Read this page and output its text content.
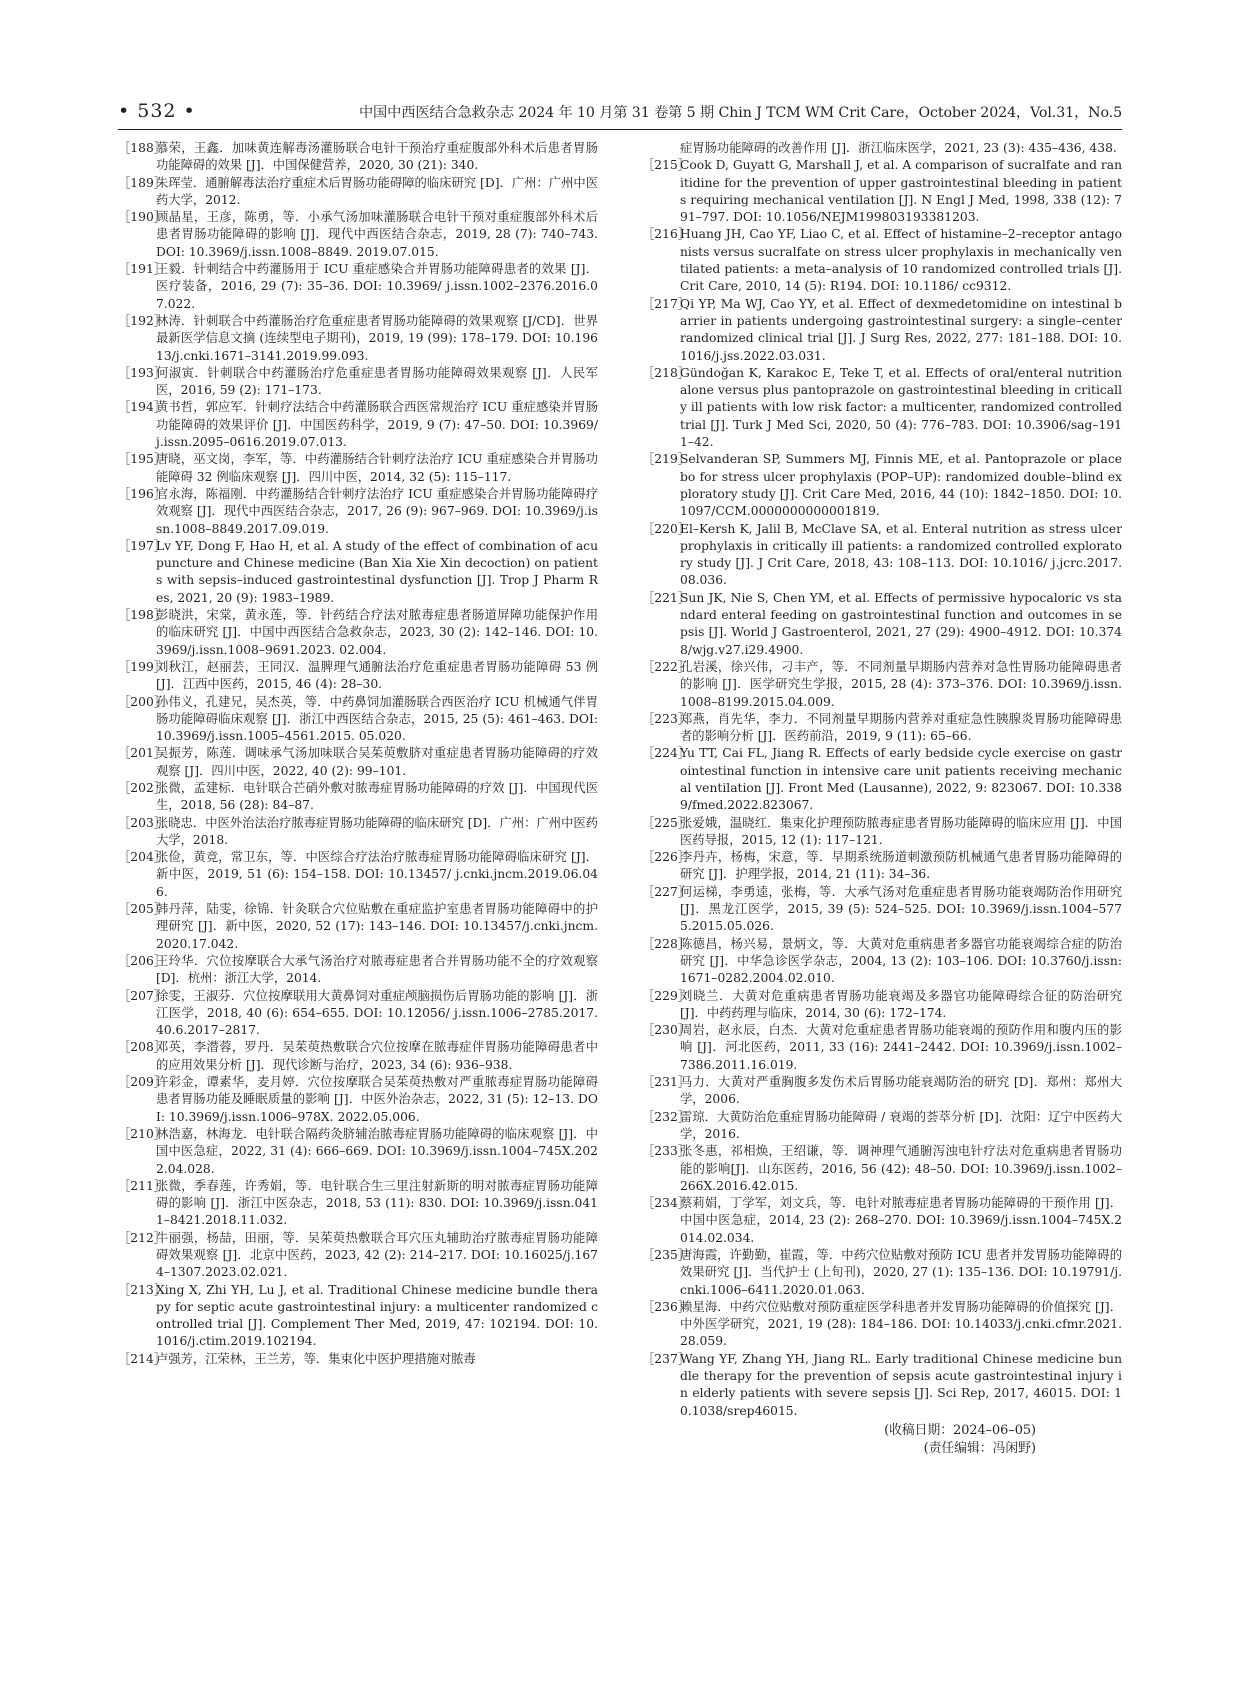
• 532 •	中国中西医结合急救杂志 2024 年 10 月第 31 卷第 5 期 Chin J TCM WM Crit Care，October 2024，Vol.31，No.5
［188］
慕荣，王鑫．加味黄连解毒汤灌肠联合电针干预治疗重症腹部外科术后患者胃肠功能障碍的效果 [J]．中国保健营养，2020, 30 (21): 340.
［189］
朱珲莹．通腑解毒法治疗重症术后胃肠功能碍障的临床研究 [D]．广州：广州中医药大学，2012.
［190］
顾晶星，王彦，陈勇，等．小承气汤加味灌肠联合电针干预对重症腹部外科术后患者胃肠功能障碍的影响 [J]．现代中西医结合杂志，2019, 28 (7): 740–743. DOI: 10.3969/j.issn.1008–8849. 2019.07.015.
［191］
王毅．针刺结合中药灌肠用于 ICU 重症感染合并胃肠功能障碍患者的效果 [J]．医疗装备，2016, 29 (7): 35–36. DOI: 10.3969/ j.issn.1002–2376.2016.07.022.
［192］
林涛．针刺联合中药灌肠治疗危重症患者胃肠功能障碍的效果观察 [J/CD]．世界最新医学信息文摘 (连续型电子期刊)，2019, 19 (99): 178–179. DOI: 10.19613/j.cnki.1671–3141.2019.99.093.
［193］
何淑寅．针刺联合中药灌肠治疗危重症患者胃肠功能障碍效果观察 [J]．人民军医，2016, 59 (2): 171–173.
［194］
黄书哲，郭应军．针刺疗法结合中药灌肠联合西医常规治疗 ICU 重症感染并胃肠功能障碍的效果评价 [J]．中国医药科学，2019, 9 (7): 47–50. DOI: 10.3969/j.issn.2095–0616.2019.07.013.
［195］
唐晓，巫文岗，李军，等．中药灌肠结合针刺疗法治疗 ICU 重症感染合并胃肠功能障碍 32 例临床观察 [J]．四川中医，2014, 32 (5): 115–117.
［196］
官永海，陈福刚．中药灌肠结合针刺疗法治疗 ICU 重症感染合并胃肠功能障碍疗效观察 [J]．现代中西医结合杂志，2017, 26 (9): 967–969. DOI: 10.3969/j.issn.1008–8849.2017.09.019.
［197］
Lv YF, Dong F, Hao H, et al. A study of the effect of combination of acupuncture and Chinese medicine (Ban Xia Xie Xin decoction) on patients with sepsis–induced gastrointestinal dysfunction [J]. Trop J Pharm Res, 2021, 20 (9): 1983–1989.
［198］
彭晓洪，宋棠，黄永莲，等．针药结合疗法对脓毒症患者肠道屏障功能保护作用的临床研究 [J]．中国中西医结合急救杂志，2023, 30 (2): 142–146. DOI: 10.3969/j.issn.1008–9691.2023. 02.004.
［199］
刘秋江，赵丽芸，王同汉．温脾理气通腑法治疗危重症患者胃肠功能障碍 53 例 [J]．江西中医药，2015, 46 (4): 28–30.
［200］
孙伟义，孔建兄，吴杰英，等．中药鼻饲加灌肠联合西医治疗 ICU 机械通气伴胃肠功能障碍临床观察 [J]．浙江中西医结合杂志，2015, 25 (5): 461–463. DOI: 10.3969/j.issn.1005–4561.2015. 05.020.
［201］
吴振芳，陈莲．调味承气汤加味联合吴茱萸敷脐对重症患者胃肠功能障碍的疗效观察 [J]．四川中医，2022, 40 (2): 99–101.
［202］
张微，孟建标．电针联合芒硝外敷对脓毒症胃肠功能障碍的疗效 [J]．中国现代医生，2018, 56 (28): 84–87.
［203］
张晓忠．中医外治法治疗脓毒症胃肠功能障碍的临床研究 [D]．广州：广州中医药大学，2018.
［204］
张俭，黄竞，常卫东，等．中医综合疗法治疗脓毒症胃肠功能障碍临床研究 [J]．新中医，2019, 51 (6): 154–158. DOI: 10.13457/ j.cnki.jncm.2019.06.046.
［205］
韩丹萍，陆雯，徐锦．针灸联合穴位贴敷在重症监护室患者胃肠功能障碍中的护理研究 [J]．新中医，2020, 52 (17): 143–146. DOI: 10.13457/j.cnki.jncm.2020.17.042.
［206］
王玲华．穴位按摩联合大承气汤治疗对脓毒症患者合并胃肠功能不全的疗效观察 [D]．杭州：浙江大学，2014.
［207］
徐雯，王淑芬．穴位按摩联用大黄鼻饲对重症颅脑损伤后胃肠功能的影响 [J]．浙江医学，2018, 40 (6): 654–655. DOI: 10.12056/ j.issn.1006–2785.2017.40.6.2017–2817.
［208］
邓英，李潜蓉，罗丹．吴茱萸热敷联合穴位按摩在脓毒症伴胃肠功能障碍患者中的应用效果分析 [J]．现代诊断与治疗，2023, 34 (6): 936–938.
［209］
许彩金，谭素华，麦月婷．穴位按摩联合吴茱萸热敷对严重脓毒症胃肠功能障碍患者胃肠功能及睡眠质量的影响 [J]．中医外治杂志，2022, 31 (5): 12–13. DOI: 10.3969/j.issn.1006–978X. 2022.05.006.
［210］
林浩嘉，林海龙．电针联合隔药灸脐辅治脓毒症胃肠功能障碍的临床观察 [J]．中国中医急症，2022, 31 (4): 666–669. DOI: 10.3969/j.issn.1004–745X.2022.04.028.
［211］
张微，季春莲，许秀娟，等．电针联合生三里注射新斯的明对脓毒症胃肠功能障碍的影响 [J]．浙江中医杂志，2018, 53 (11): 830. DOI: 10.3969/j.issn.0411–8421.2018.11.032.
［212］
牛丽强，杨喆，田丽，等．吴茱萸热敷联合耳穴压丸辅助治疗脓毒症胃肠功能障碍效果观察 [J]．北京中医药，2023, 42 (2): 214–217. DOI: 10.16025/j.1674–1307.2023.02.021.
［213］
Xing X, Zhi YH, Lu J, et al. Traditional Chinese medicine bundle therapy for septic acute gastrointestinal injury: a multicenter randomized controlled trial [J]. Complement Ther Med, 2019, 47: 102194. DOI: 10.1016/j.ctim.2019.102194.
［214］
卢强芳，江荣林，王兰芳，等．集束化中医护理措施对脓毒
症胃肠功能障碍的改善作用 [J]．浙江临床医学，2021, 23 (3): 435–436, 438.
［215］
Cook D, Guyatt G, Marshall J, et al. A comparison of sucralfate and ranitidine for the prevention of upper gastrointestinal bleeding in patients requiring mechanical ventilation [J]. N Engl J Med, 1998, 338 (12): 791–797. DOI: 10.1056/NEJM199803193381203.
［216］
Huang JH, Cao YF, Liao C, et al. Effect of histamine–2–receptor antagonists versus sucralfate on stress ulcer prophylaxis in mechanically ventilated patients: a meta–analysis of 10 randomized controlled trials [J]. Crit Care, 2010, 14 (5): R194. DOI: 10.1186/ cc9312.
［217］
Qi YP, Ma WJ, Cao YY, et al. Effect of dexmedetomidine on intestinal barrier in patients undergoing gastrointestinal surgery: a single–center randomized clinical trial [J]. J Surg Res, 2022, 277: 181–188. DOI: 10.1016/j.jss.2022.03.031.
［218］
Gündoğan K, Karakoc E, Teke T, et al. Effects of oral/enteral nutrition alone versus plus pantoprazole on gastrointestinal bleeding in critically ill patients with low risk factor: a multicenter, randomized controlled trial [J]. Turk J Med Sci, 2020, 50 (4): 776–783. DOI: 10.3906/sag–1911–42.
［219］
Selvanderan SP, Summers MJ, Finnis ME, et al. Pantoprazole or placebo for stress ulcer prophylaxis (POP–UP): randomized double–blind exploratory study [J]. Crit Care Med, 2016, 44 (10): 1842–1850. DOI: 10.1097/CCM.0000000000001819.
［220］
El–Kersh K, Jalil B, McClave SA, et al. Enteral nutrition as stress ulcer prophylaxis in critically ill patients: a randomized controlled exploratory study [J]. J Crit Care, 2018, 43: 108–113. DOI: 10.1016/ j.jcrc.2017.08.036.
［221］
Sun JK, Nie S, Chen YM, et al. Effects of permissive hypocaloric vs standard enteral feeding on gastrointestinal function and outcomes in sepsis [J]. World J Gastroenterol, 2021, 27 (29): 4900–4912. DOI: 10.3748/wjg.v27.i29.4900.
［222］
孔岩溪，徐兴伟，刁丰产，等．不同剂量早期肠内营养对急性胃肠功能障碍患者的影响 [J]．医学研究生学报，2015, 28 (4): 373–376. DOI: 10.3969/j.issn.1008–8199.2015.04.009.
［223］
郑燕，肖先华，李力．不同剂量早期肠内营养对重症急性胰腺炎胃肠功能障碍患者的影响分析 [J]．医药前沿，2019, 9 (11): 65–66.
［224］
Yu TT, Cai FL, Jiang R. Effects of early bedside cycle exercise on gastrointestinal function in intensive care unit patients receiving mechanical ventilation [J]. Front Med (Lausanne), 2022, 9: 823067. DOI: 10.3389/fmed.2022.823067.
［225］
张爱娥，温晓红．集束化护理预防脓毒症患者胃肠功能障碍的临床应用 [J]．中国医药导报，2015, 12 (1): 117–121.
［226］
李丹卉，杨梅，宋意，等．早期系统肠道刺激预防机械通气患者胃肠功能障碍的研究 [J]．护理学报，2014, 21 (11): 34–36.
［227］
何运梯，李勇逵，张梅，等．大承气汤对危重症患者胃肠功能衰竭防治作用研究 [J]．黑龙江医学，2015, 39 (5): 524–525. DOI: 10.3969/j.issn.1004–5775.2015.05.026.
［228］
陈德昌，杨兴易，景炳文，等．大黄对危重病患者多器官功能衰竭综合症的防治研究 [J]．中华急诊医学杂志，2004, 13 (2): 103–106. DOI: 10.3760/j.issn:1671–0282.2004.02.010.
［229］
刘晓兰．大黄对危重病患者胃肠功能衰竭及多器官功能障碍综合征的防治研究 [J]．中药药理与临床，2014, 30 (6): 172–174.
［230］
周岩，赵永辰，白杰．大黄对危重症患者胃肠功能衰竭的预防作用和腹内压的影响 [J]．河北医药，2011, 33 (16): 2441–2442. DOI: 10.3969/j.issn.1002–7386.2011.16.019.
［231］
马力．大黄对严重胸腹多发伤术后胃肠功能衰竭防治的研究 [D]．郑州：郑州大学，2006.
［232］
雷琼．大黄防治危重症胃肠功能障碍 / 衰竭的荟萃分析 [D]．沈阳：辽宁中医药大学，2016.
［233］
张冬惠，祁相焕，王绍谦，等．调神理气通腑泻浊电针疗法对危重病患者胃肠功能的影响[J]．山东医药，2016, 56 (42): 48–50. DOI: 10.3969/j.issn.1002–266X.2016.42.015.
［234］
蔡莉娟，丁学军，刘文兵，等．电针对脓毒症患者胃肠功能障碍的干预作用 [J]．中国中医急症，2014, 23 (2): 268–270. DOI: 10.3969/j.issn.1004–745X.2014.02.034.
［235］
唐海霞，许勤勤，崔霞，等．中药穴位贴敷对预防 ICU 患者并发胃肠功能障碍的效果研究 [J]．当代护士 (上旬刊)，2020, 27 (1): 135–136. DOI: 10.19791/j.cnki.1006–6411.2020.01.063.
［236］
赖星海．中药穴位贴敷对预防重症医学科患者并发胃肠功能障碍的价值探究 [J]．中外医学研究，2021, 19 (28): 184–186. DOI: 10.14033/j.cnki.cfmr.2021.28.059.
［237］
Wang YF, Zhang YH, Jiang RL. Early traditional Chinese medicine bundle therapy for the prevention of sepsis acute gastrointestinal injury in elderly patients with severe sepsis [J]. Sci Rep, 2017, 46015. DOI: 10.1038/srep46015.
(收稿日期：2024–06–05)
(责任编辑：冯闲野)
